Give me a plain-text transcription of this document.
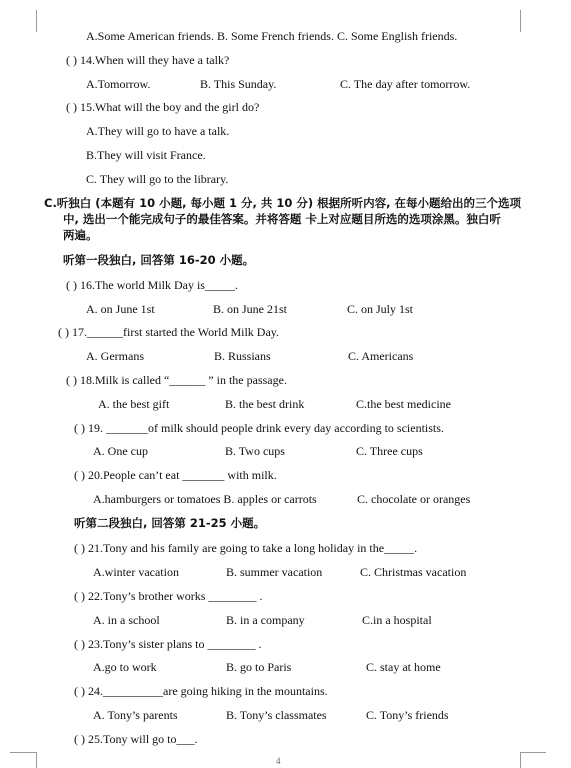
A.Some American friends. B. Some French friends. C. Some English friends.
( ) 14.When will they have a talk?
A.Tomorrow.	B. This Sunday.	C. The day after tomorrow.
( ) 15.What will the boy and the girl do?
A.They will go to have a talk.
B.They will visit France.
C. They will go to the library.
C.听独白 (本题有 10 小题, 每小题 1 分, 共 10 分) 根据所听内容, 在每小题给出的三个选项
中, 选出一个能完成句子的最佳答案。并将答题 卡上对应题目所选的选项涂黑。独白听
两遍。
听第一段独白, 回答第 16-20 小题。
( ) 16.The world Milk Day is_____.
A. on June 1st	B. on June 21st	C. on July 1st
( ) 17.______first started the World Milk Day.
A. Germans	B. Russians	C. Americans
( ) 18.Milk is called “______ ” in the passage.
A. the best gift	B. the best drink	C.the best medicine
( ) 19. _______of milk should people drink every day according to scientists.
A. One cup	B. Two cups	C. Three cups
( ) 20.People can’t eat _______ with milk.
A.hamburgers or tomatoes B. apples or carrots	C. chocolate or oranges
听第二段独白, 回答第 21-25 小题。
( ) 21.Tony and his family are going to take a long holiday in the_____.
A.winter vacation	B. summer vacation	C. Christmas vacation
( ) 22.Tony’s brother works ________ .
A. in a school	B. in a company	C.in a hospital
( ) 23.Tony’s sister plans to ________ .
A.go to work	B. go to Paris	C. stay at home
( ) 24.__________are going hiking in the mountains.
A. Tony’s parents	B. Tony’s classmates	C. Tony’s friends
( ) 25.Tony will go to___.
4
